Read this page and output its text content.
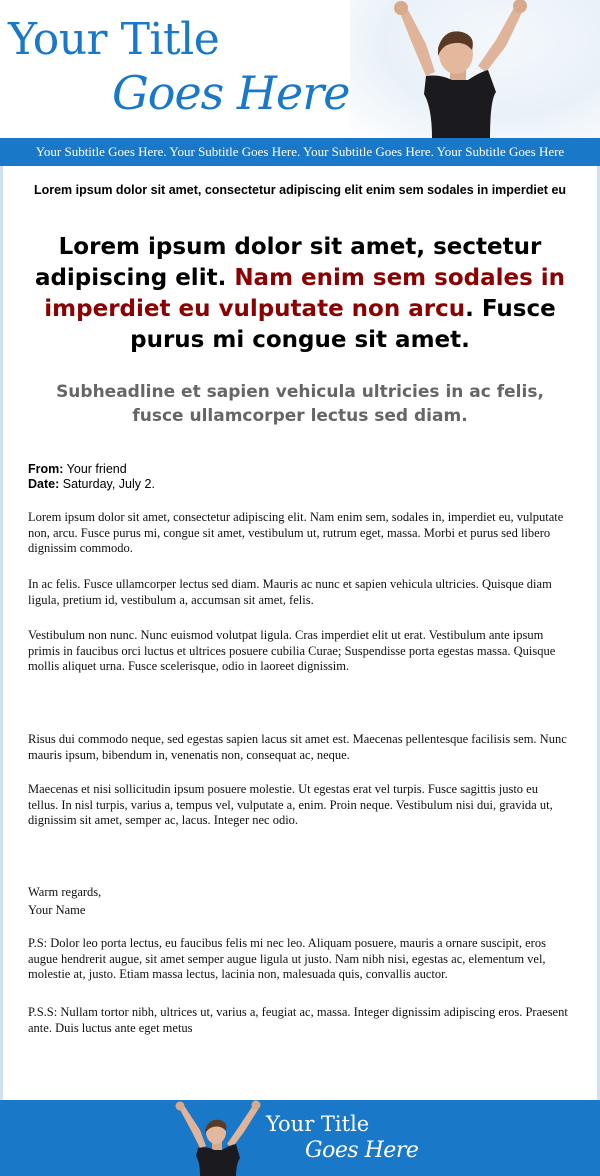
Your Title
Goes Here
Your Subtitle Goes Here. Your Subtitle Goes Here. Your Subtitle Goes Here. Your Subtitle Goes Here
Lorem ipsum dolor sit amet, consectetur adipiscing elit enim sem sodales in imperdiet eu
Lorem ipsum dolor sit amet, sectetur adipiscing elit. Nam enim sem sodales in imperdiet eu vulputate non arcu. Fusce purus mi congue sit amet.
Subheadline et sapien vehicula ultricies in ac felis, fusce ullamcorper lectus sed diam.
From: Your friend
Date: Saturday, July 2.

Lorem ipsum dolor sit amet, consectetur adipiscing elit. Nam enim sem, sodales in, imperdiet eu, vulputate non, arcu. Fusce purus mi, congue sit amet, vestibulum ut, rutrum eget, massa. Morbi et purus sed libero dignissim commodo.

In ac felis. Fusce ullamcorper lectus sed diam. Mauris ac nunc et sapien vehicula ultricies. Quisque diam ligula, pretium id, vestibulum a, accumsan sit amet, felis.

Vestibulum non nunc. Nunc euismod volutpat ligula. Cras imperdiet elit ut erat. Vestibulum ante ipsum primis in faucibus orci luctus et ultrices posuere cubilia Curae; Suspendisse porta egestas massa. Quisque mollis aliquet urna. Fusce scelerisque, odio in laoreet dignissim.

Risus dui commodo neque, sed egestas sapien lacus sit amet est. Maecenas pellentesque facilisis sem. Nunc mauris ipsum, bibendum in, venenatis non, consequat ac, neque.

Maecenas et nisi sollicitudin ipsum posuere molestie. Ut egestas erat vel turpis. Fusce sagittis justo eu tellus. In nisl turpis, varius a, tempus vel, vulputate a, enim. Proin neque. Vestibulum nisi dui, gravida ut, dignissim sit amet, semper ac, lacus. Integer nec odio.

Warm regards,

Your Name

P.S: Dolor leo porta lectus, eu faucibus felis mi nec leo. Aliquam posuere, mauris a ornare suscipit, eros augue hendrerit augue, sit amet semper augue ligula ut justo. Nam nibh nisi, egestas ac, elementum vel, molestie at, justo. Etiam massa lectus, lacinia non, malesuada quis, convallis auctor.

P.S.S: Nullam tortor nibh, ultrices ut, varius a, feugiat ac, massa. Integer dignissim adipiscing eros. Praesent ante. Duis luctus ante eget metus

Your Title
Goes Here
